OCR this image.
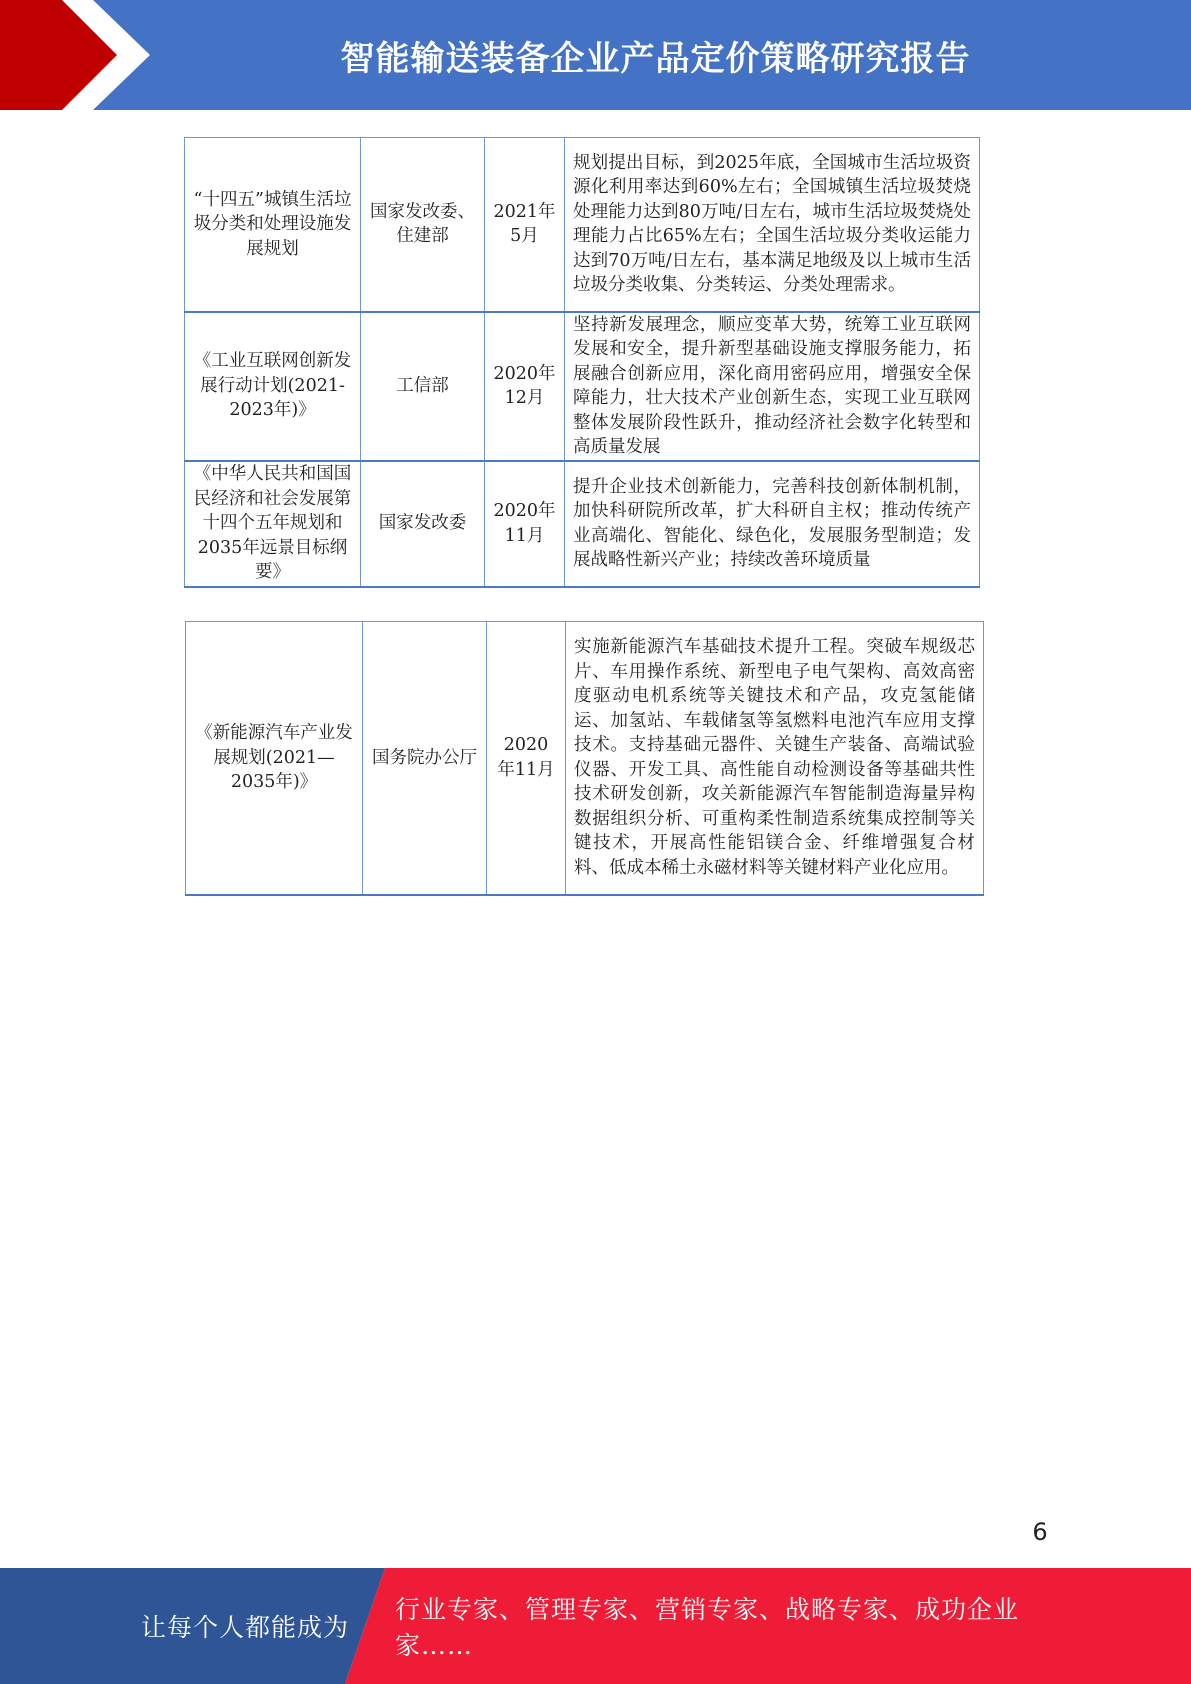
智能输送装备企业产品定价策略研究报告
“十四五”城镇生活垃圾分类和处理设施发展规划	国家发改委、住建部	2021年5月	规划提出目标，到2025年底，全国城市生活垃圾资源化利用率达到60%左右；全国城镇生活垃圾焚烧处理能力达到80万吨/日左右，城市生活垃圾焚烧处理能力占比65%左右；全国生活垃圾分类收运能力达到70万吨/日左右，基本满足地级及以上城市生活垃圾分类收集、分类转运、分类处理需求。
《工业互联网创新发展行动计划(2021-2023年)》	工信部	2020年12月	坚持新发展理念，顺应变革大势，统筹工业互联网发展和安全，提升新型基础设施支撑服务能力，拓展融合创新应用，深化商用密码应用，增强安全保障能力，壮大技术产业创新生态，实现工业互联网整体发展阶段性跃升，推动经济社会数字化转型和高质量发展
《中华人民共和国国民经济和社会发展第十四个五年规划和2035年远景目标纲要》	国家发改委	2020年11月	提升企业技术创新能力，完善科技创新体制机制，加快科研院所改革，扩大科研自主权；推动传统产业高端化、智能化、绿色化，发展服务型制造；发展战略性新兴产业；持续改善环境质量
《新能源汽车产业发展规划(2021—2035年)》	国务院办公厅	2020年11月	实施新能源汽车基础技术提升工程。突破车规级芯片、车用操作系统、新型电子电气架构、高效高密度驱动电机系统等关键技术和产品，攻克氢能储运、加氢站、车载储氢等氢燃料电池汽车应用支撑技术。支持基础元器件、关键生产装备、高端试验仪器、开发工具、高性能自动检测设备等基础共性技术研发创新，攻关新能源汽车智能制造海量异构数据组织分析、可重构柔性制造系统集成控制等关键技术，开展高性能铝镁合金、纤维增强复合材料、低成本稀土永磁材料等关键材料产业化应用。
6
让每个人都能成为
行业专家、管理专家、营销专家、战略专家、成功企业家……
